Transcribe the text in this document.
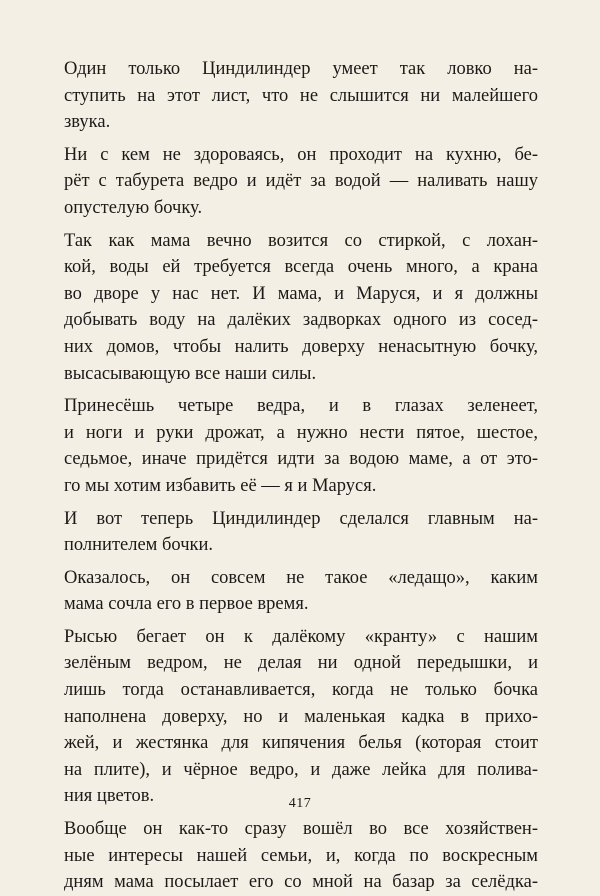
Один только Циндилиндер умеет так ловко на-
ступить на этот лист, что не слышится ни малейшего
звука.
Ни с кем не здороваясь, он проходит на кухню, бе-
рёт с табурета ведро и идёт за водой — наливать нашу
опустелую бочку.
Так как мама вечно возится со стиркой, с лохан-
кой, воды ей требуется всегда очень много, а крана
во дворе у нас нет. И мама, и Маруся, и я должны
добывать воду на далёких задворках одного из сосед-
них домов, чтобы налить доверху ненасытную бочку,
высасывающую все наши силы.
Принесёшь четыре ведра, и в глазах зеленеет,
и ноги и руки дрожат, а нужно нести пятое, шестое,
седьмое, иначе придётся идти за водою маме, а от это-
го мы хотим избавить её — я и Маруся.
И вот теперь Циндилиндер сделался главным на-
полнителем бочки.
Оказалось, он совсем не такое «ледащо», каким
мама сочла его в первое время.
Рысью бегает он к далёкому «кранту» с нашим
зелёным ведром, не делая ни одной передышки, и
лишь тогда останавливается, когда не только бочка
наполнена доверху, но и маленькая кадка в прихо-
жей, и жестянка для кипячения белья (которая стоит
на плите), и чёрное ведро, и даже лейка для полива-
ния цветов.
Вообще он как-то сразу вошёл во все хозяйствен-
ные интересы нашей семьи, и, когда по воскресным
дням мама посылает его со мной на базар за селёдка-
417
